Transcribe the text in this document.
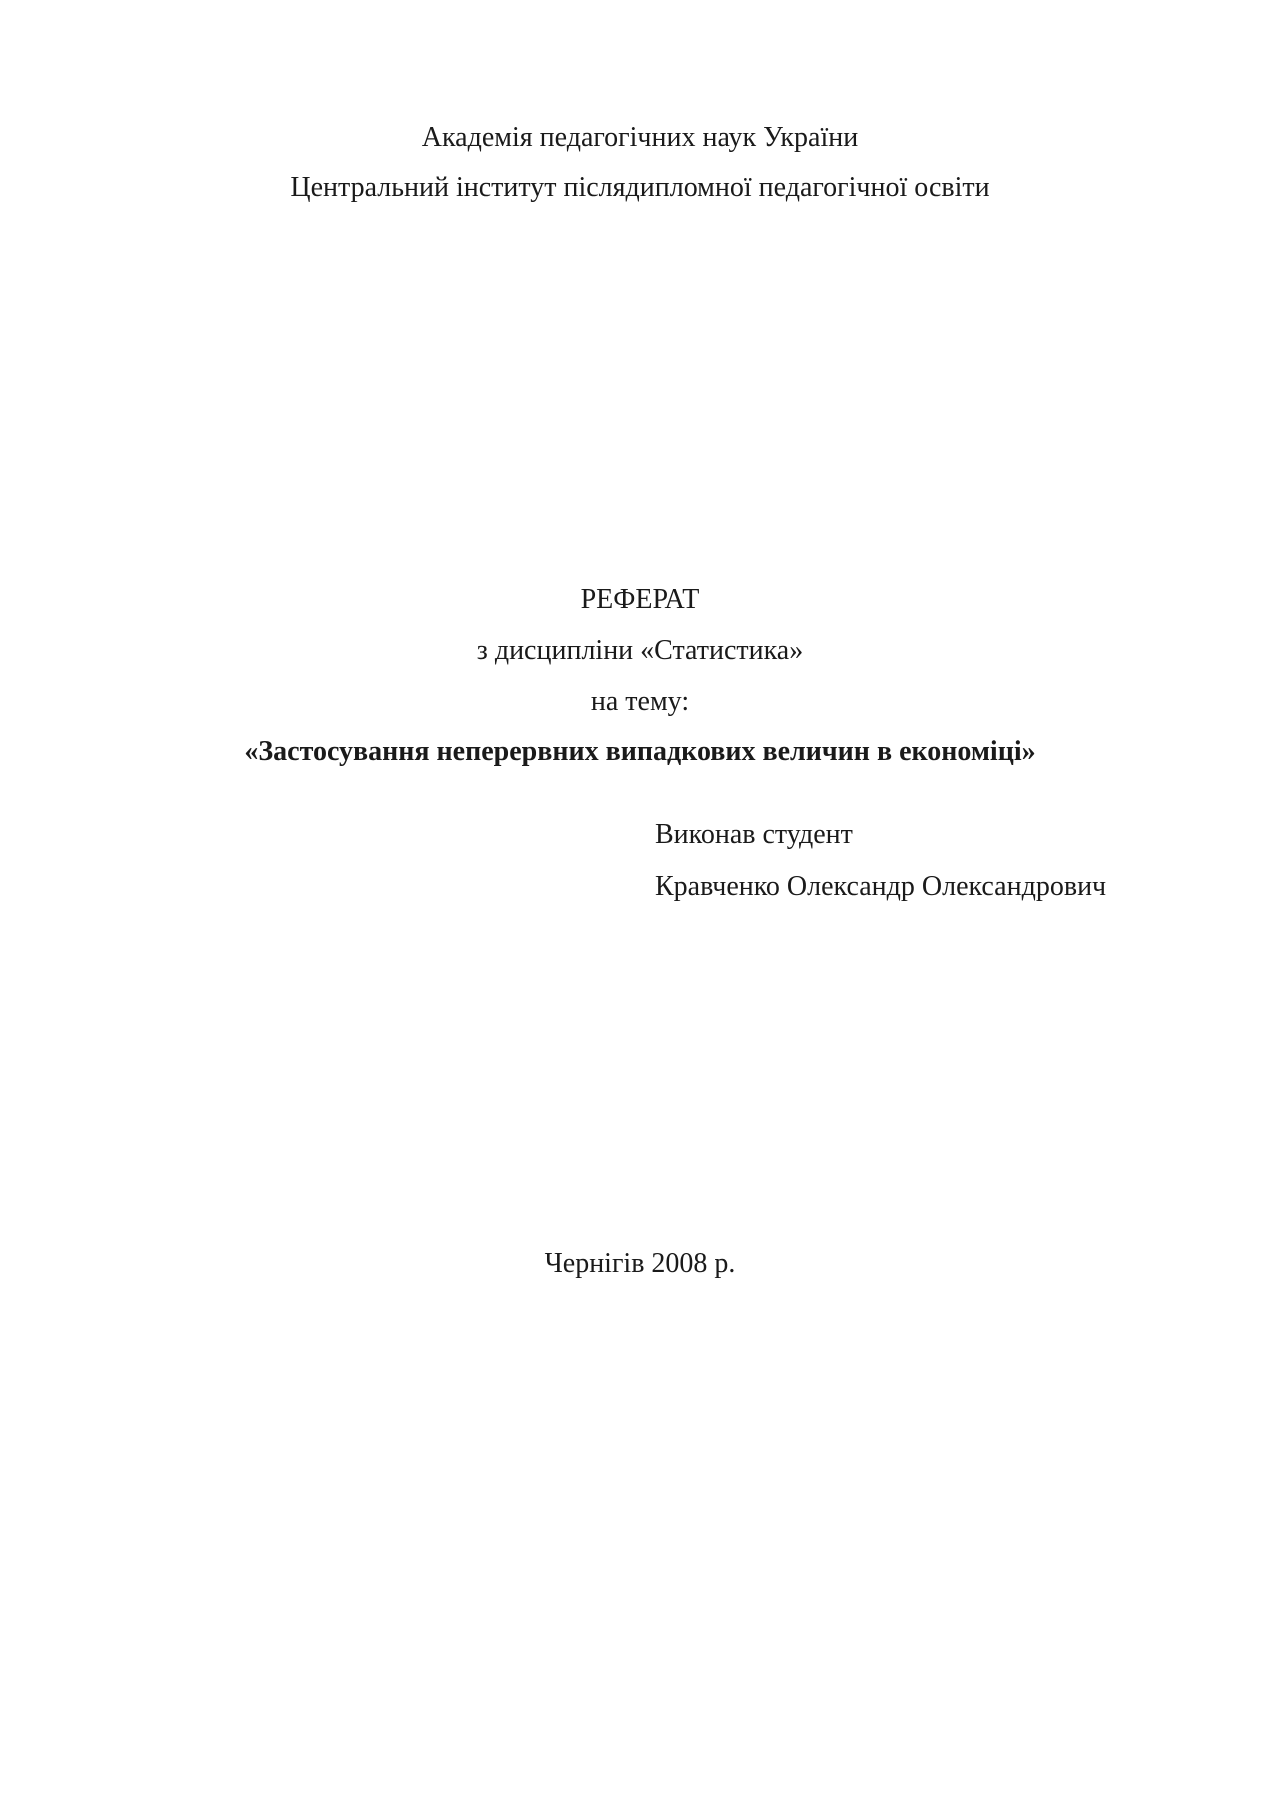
Академія педагогічних наук України
Центральний інститут післядипломної педагогічної освіти
РЕФЕРАТ
з дисципліни «Статистика»
на тему:
«Застосування неперервних випадкових величин в економіці»
Виконав студент
Кравченко Олександр Олександрович
Чернігів 2008 р.
